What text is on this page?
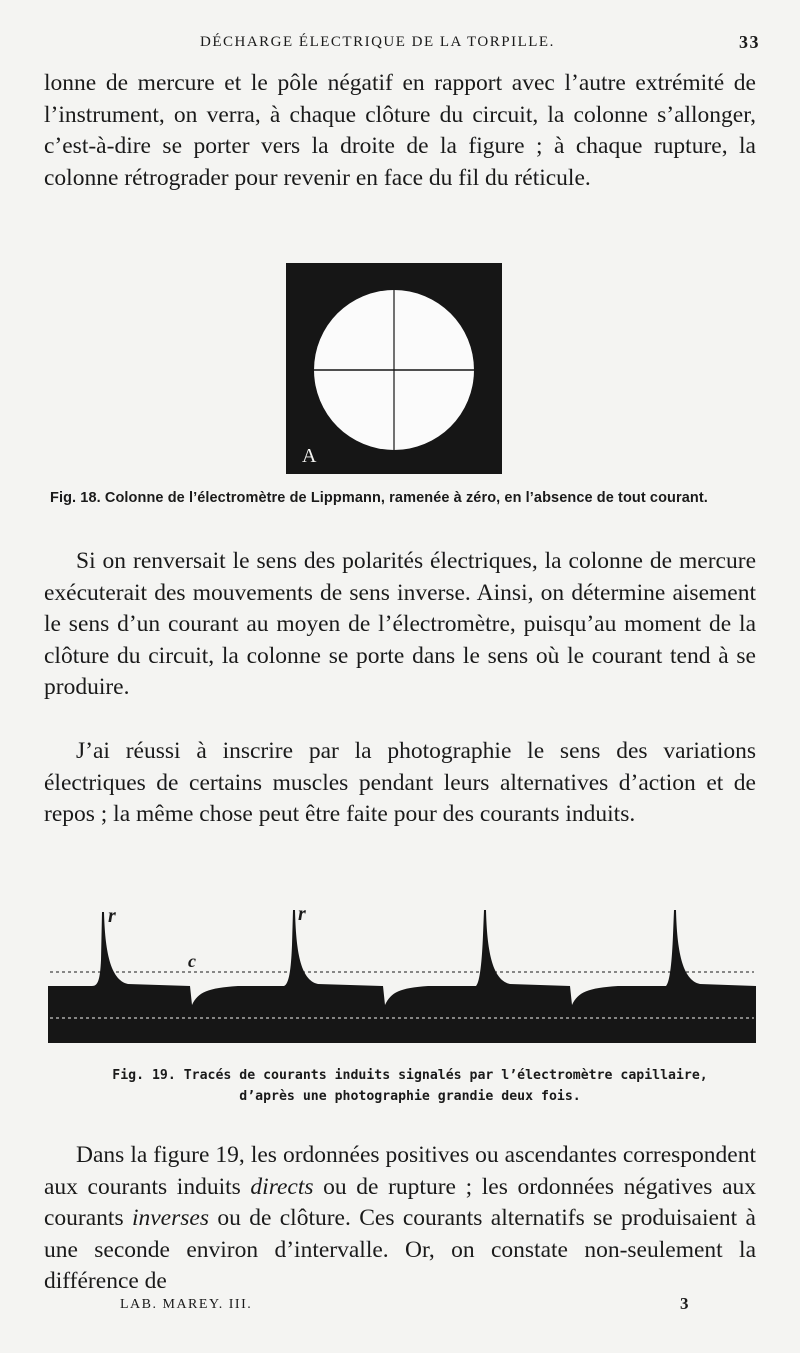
DÉCHARGE ÉLECTRIQUE DE LA TORPILLE.	33

lonne de mercure et le pôle négatif en rapport avec l’autre extrémité de l’instrument, on verra, à chaque clôture du circuit, la colonne s’allonger, c’est-à-dire se porter vers la droite de la figure ; à chaque rupture, la colonne rétrograder pour revenir en face du fil du réticule.

A
Fig. 18. Colonne de l’électromètre de Lippmann, ramenée à zéro, en l’absence de tout courant.

Si on renversait le sens des polarités électriques, la colonne de mercure exécuterait des mouvements de sens inverse. Ainsi, on détermine aisement le sens d’un courant au moyen de l’électromètre, puisqu’au moment de la clôture du circuit, la colonne se porte dans le sens où le courant tend à se produire.

J’ai réussi à inscrire par la photographie le sens des variations électriques de certains muscles pendant leurs alternatives d’action et de repos ; la même chose peut être faite pour des courants induits.

r	r
c
Fig. 19. Tracés de courants induits signalés par l’électromètre capillaire,
d’après une photographie grandie deux fois.

Dans la figure 19, les ordonnées positives ou ascendantes correspondent aux courants induits directs ou de rupture ; les ordonnées négatives aux courants inverses ou de clôture. Ces courants alternatifs se produisaient à une seconde environ d’intervalle. Or, on constate non-seulement la différence de

LAB. MAREY. III.	3
